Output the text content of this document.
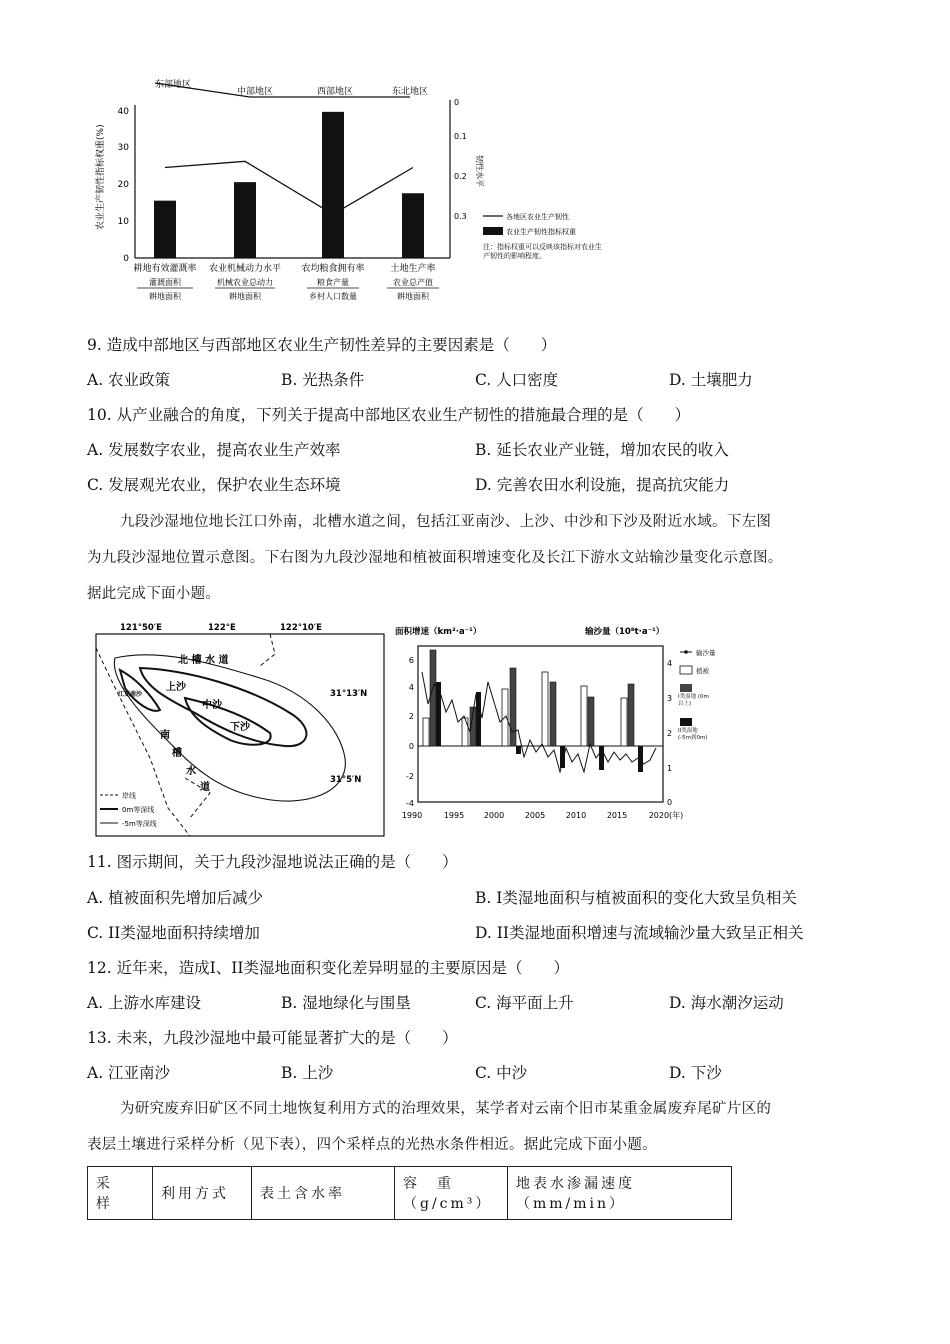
东部地区
中部地区	西部地区	东北地区
0
10
20
30
40
0.3
0.2
0.1
0
农业生产韧性指标权重(%)	韧性水平
耕地有效灌溉率
灌溉面积
耕地面积
农业机械动力水平
机械农业总动力
耕地面积
农均粮食拥有率
粮食产量
乡村人口数量
土地生产率
农业总产值
耕地面积
各地区农业生产韧性
农业生产韧性指标权重
注：指标权重可以反映该指标对农业生产韧性的影响程度。
9. 造成中部地区与西部地区农业生产韧性差异的主要因素是（　　）
A. 农业政策	B. 光热条件	C. 人口密度	D. 土壤肥力
10. 从产业融合的角度，下列关于提高中部地区农业生产韧性的措施最合理的是（　　）
A. 发展数字农业，提高农业生产效率	B. 延长农业产业链，增加农民的收入
C. 发展观光农业，保护农业生态环境	D. 完善农田水利设施，提高抗灾能力
九段沙湿地位地长江口外南，北槽水道之间，包括江亚南沙、上沙、中沙和下沙及附近水域。下左图
为九段沙湿地位置示意图。下右图为九段沙湿地和植被面积增速变化及长江下游水文站输沙量变化示意图。
据此完成下面小题。
121°50′E	122°E	122°10′E
31°13′N
31°5′N
北 槽 水 道
上沙
中沙
下沙
江亚南沙
南
槽
水
道
岸线
0m等深线
-5m等深线
面积增速（km²·a⁻¹）	输沙量（10⁸t·a⁻¹）
6
4
2
0
-2
-4
4
3
2
1
0
1990	1995 2000	2005	2010	2015	2020(年)
输沙量
植被
I类湿地 (0m以上)
II类湿地 (-5m到0m)
11. 图示期间，关于九段沙湿地说法正确的是（　　）
A. 植被面积先增加后减少	B. I类湿地面积与植被面积的变化大致呈负相关
C. II类湿地面积持续增加	D. II类湿地面积增速与流域输沙量大致呈正相关
12. 近年来，造成I、II类湿地面积变化差异明显的主要原因是（　　）
A. 上游水库建设	B. 湿地绿化与围垦	C. 海平面上升	D. 海水潮汐运动
13. 未来，九段沙湿地中最可能显著扩大的是（　　）
A. 江亚南沙	B. 上沙	C. 中沙	D. 下沙
为研究废弃旧矿区不同土地恢复利用方式的治理效果，某学者对云南个旧市某重金属废弃尾矿片区的
表层土壤进行采样分析（见下表），四个采样点的光热水条件相近。据此完成下面小题。
采　样	利用方式	表土含水率	容　重　（g/cm³）	地表水渗漏速度（mm/min）
